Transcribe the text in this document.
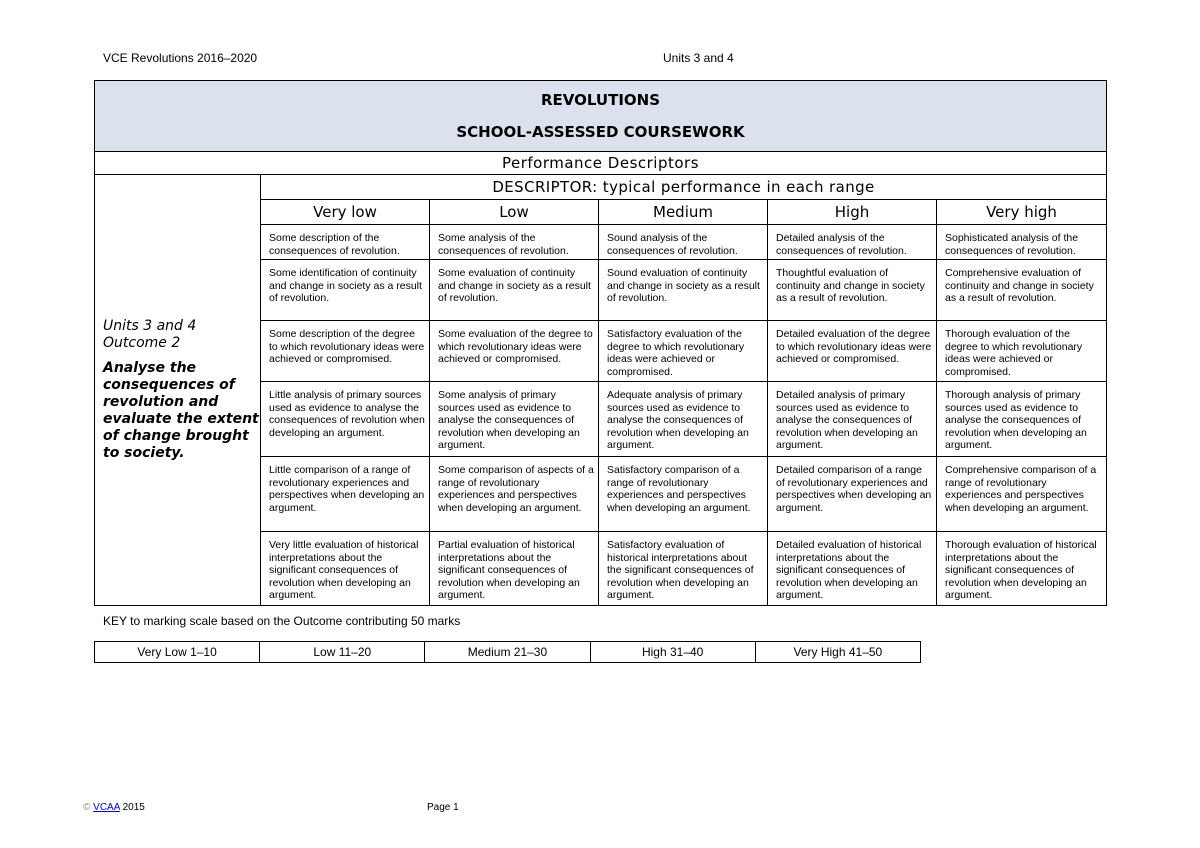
VCE Revolutions 2016–2020	Units 3 and 4
REVOLUTIONS
SCHOOL-ASSESSED COURSEWORK					

Performance Descriptors					

Units 3 and 4
Outcome 2
Analyse the consequences of revolution and evaluate the extent of change brought to society.	DESCRIPTOR: typical performance in each range				
	Very low	Low	Medium	High	Very high
	Some description of the consequences of revolution.	Some analysis of the consequences of revolution.	Sound analysis of the consequences of revolution.	Detailed analysis of the consequences of revolution.	Sophisticated analysis of the consequences of revolution.
	Some identification of continuity and change in society as a result of revolution.	Some evaluation of continuity and change in society as a result of revolution.	Sound evaluation of continuity and change in society as a result of revolution.	Thoughtful evaluation of continuity and change in society as a result of revolution.	Comprehensive evaluation of continuity and change in society as a result of revolution.
	Some description of the degree to which revolutionary ideas were achieved or compromised.	Some evaluation of the degree to which revolutionary ideas were achieved or compromised.	Satisfactory evaluation of the degree to which revolutionary ideas were achieved or compromised.	Detailed evaluation of the degree to which revolutionary ideas were achieved or compromised.	Thorough evaluation of the degree to which revolutionary ideas were achieved or compromised.
	Little analysis of primary sources used as evidence to analyse the consequences of revolution when developing an argument.	Some analysis of primary sources used as evidence to analyse the consequences of revolution when developing an argument.	Adequate analysis of primary sources used as evidence to analyse the consequences of revolution when developing an argument.	Detailed analysis of primary sources used as evidence to analyse the consequences of revolution when developing an argument.	Thorough analysis of primary sources used as evidence to analyse the consequences of revolution when developing an argument.
	Little comparison of a range of revolutionary experiences and perspectives when developing an argument.	Some comparison of aspects of a range of revolutionary experiences and perspectives when developing an argument.	Satisfactory comparison of a range of revolutionary experiences and perspectives when developing an argument.	Detailed comparison of a range of revolutionary experiences and perspectives when developing an argument.	Comprehensive comparison of a range of revolutionary experiences and perspectives when developing an argument.
	Very little evaluation of historical interpretations about the significant consequences of revolution when developing an argument.	Partial evaluation of historical interpretations about the significant consequences of revolution when developing an argument.	Satisfactory evaluation of historical interpretations about the significant consequences of revolution when developing an argument.	Detailed evaluation of historical interpretations about the significant consequences of revolution when developing an argument.	Thorough evaluation of historical interpretations about the significant consequences of revolution when developing an argument.
KEY to marking scale based on the Outcome contributing 50 marks
Very Low 1–10	Low 11–20	Medium 21–30	High 31–40	Very High 41–50
© VCAA 2015	Page 1
